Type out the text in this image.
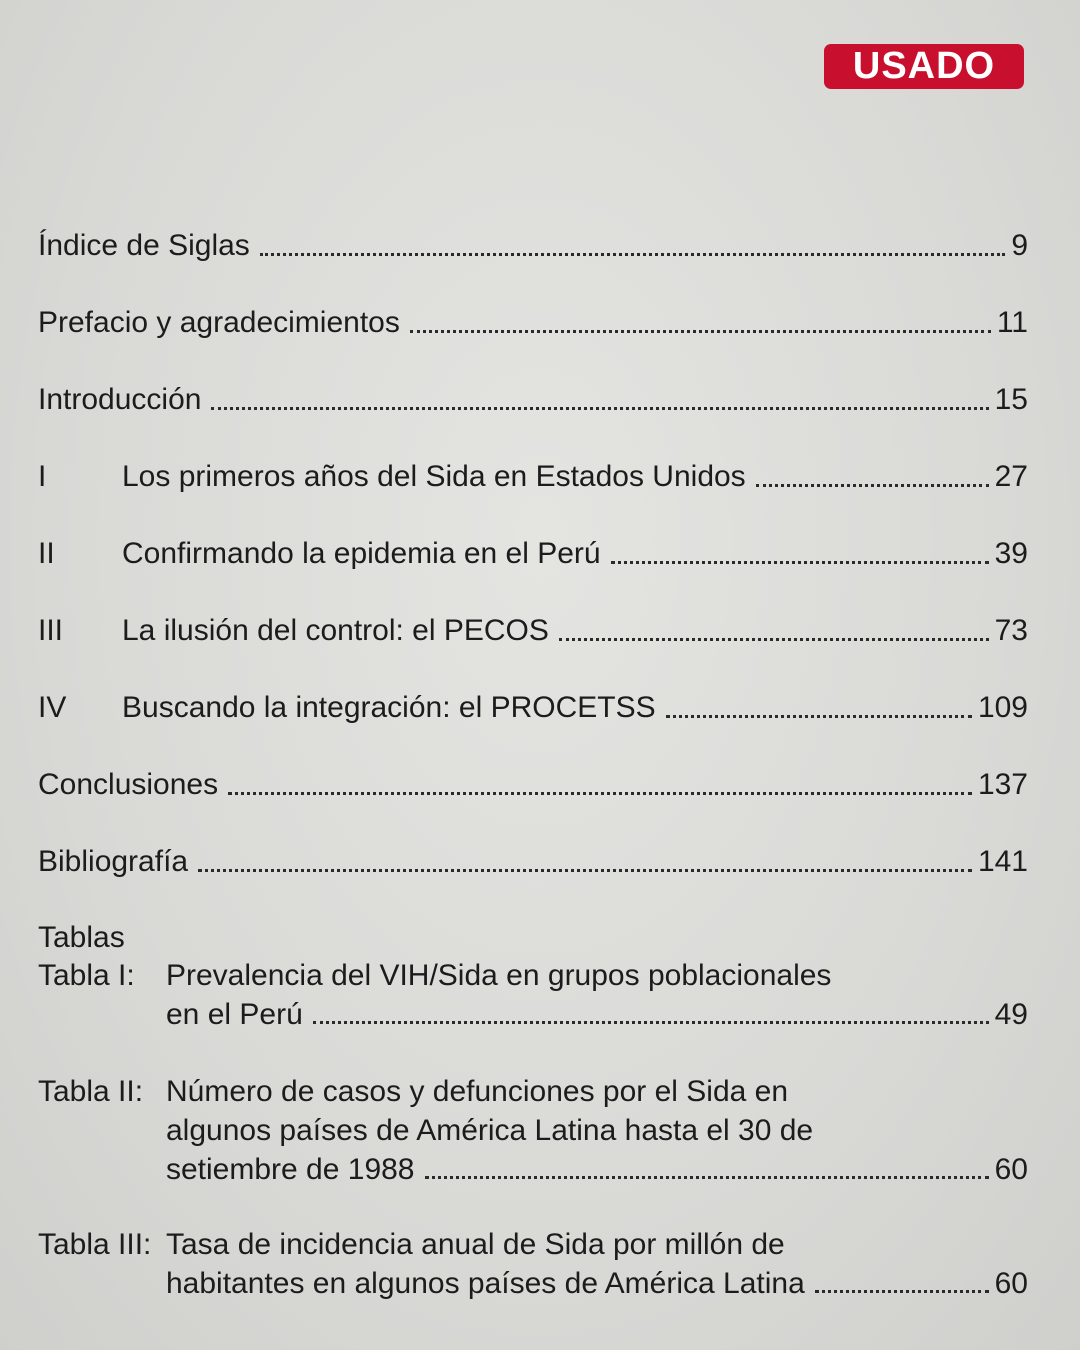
USADO
Índice de Siglas	9
Prefacio y agradecimientos	11
Introducción	15
I	Los primeros años del Sida en Estados Unidos	27
II	Confirmando la epidemia en el Perú	39
III	La ilusión del control: el PECOS	73
IV	Buscando la integración: el PROCETSS	109
Conclusiones	137
Bibliografía	141
Tablas
Tabla I: Prevalencia del VIH/Sida en grupos poblacionales
en el Perú	49
Tabla II: Número de casos y defunciones por el Sida en
algunos países de América Latina hasta el 30 de
setiembre de 1988	60
Tabla III: Tasa de incidencia anual de Sida por millón de
habitantes en algunos países de América Latina	60
